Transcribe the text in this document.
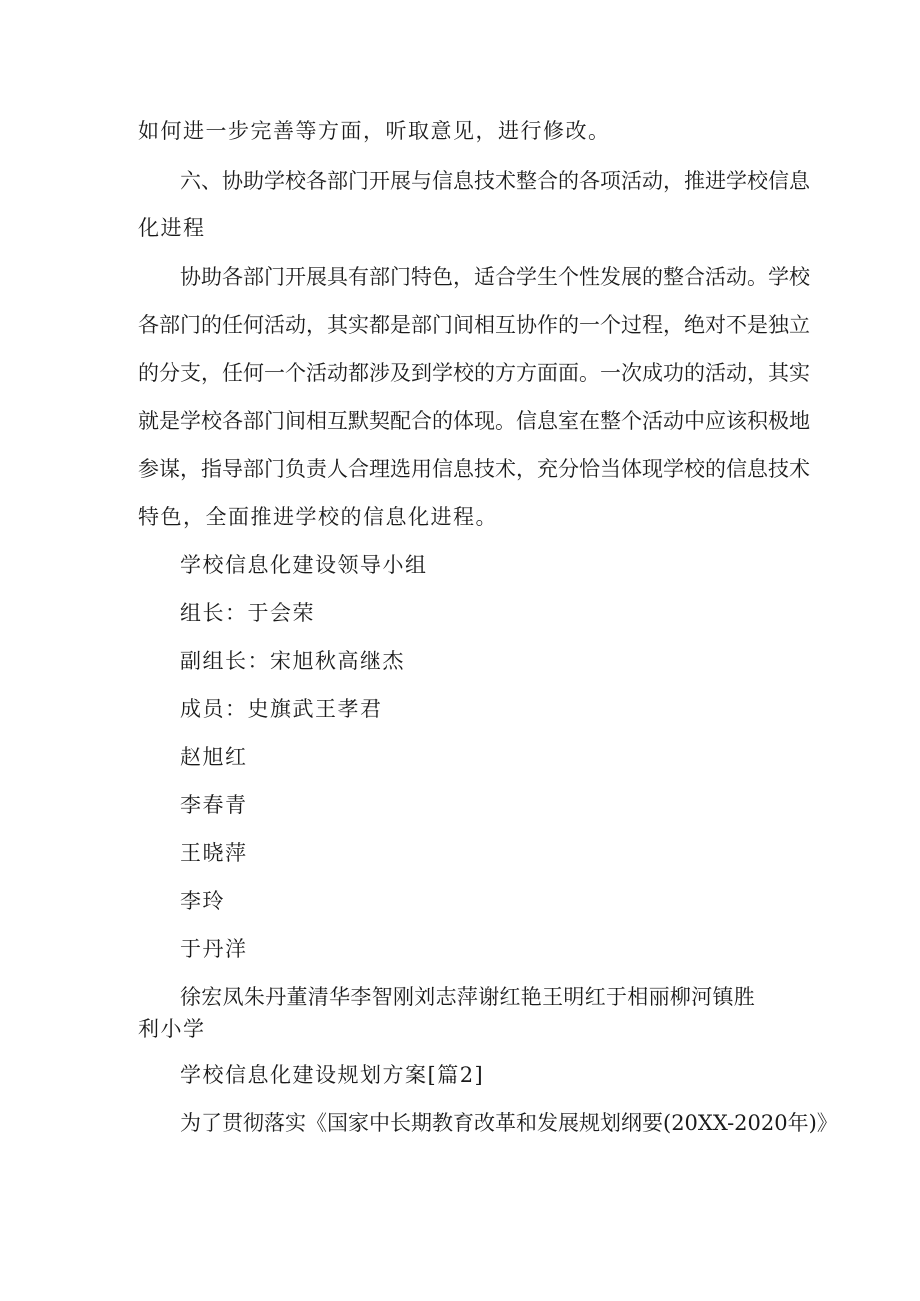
如何进一步完善等方面，听取意见，进行修改。
六、协助学校各部门开展与信息技术整合的各项活动，推进学校信息
化进程
协助各部门开展具有部门特色，适合学生个性发展的整合活动。学校
各部门的任何活动，其实都是部门间相互协作的一个过程，绝对不是独立
的分支，任何一个活动都涉及到学校的方方面面。一次成功的活动，其实
就是学校各部门间相互默契配合的体现。信息室在整个活动中应该积极地
参谋，指导部门负责人合理选用信息技术，充分恰当体现学校的信息技术
特色，全面推进学校的信息化进程。
学校信息化建设领导小组
组长：于会荣
副组长：宋旭秋高继杰
成员：史旗武王孝君
赵旭红
李春青
王晓萍
李玲
于丹洋
徐宏凤朱丹董清华李智刚刘志萍谢红艳王明红于相丽柳河镇胜
利小学
学校信息化建设规划方案[篇2]
为了贯彻落实《国家中长期教育改革和发展规划纲要(20XX-2020年)》
